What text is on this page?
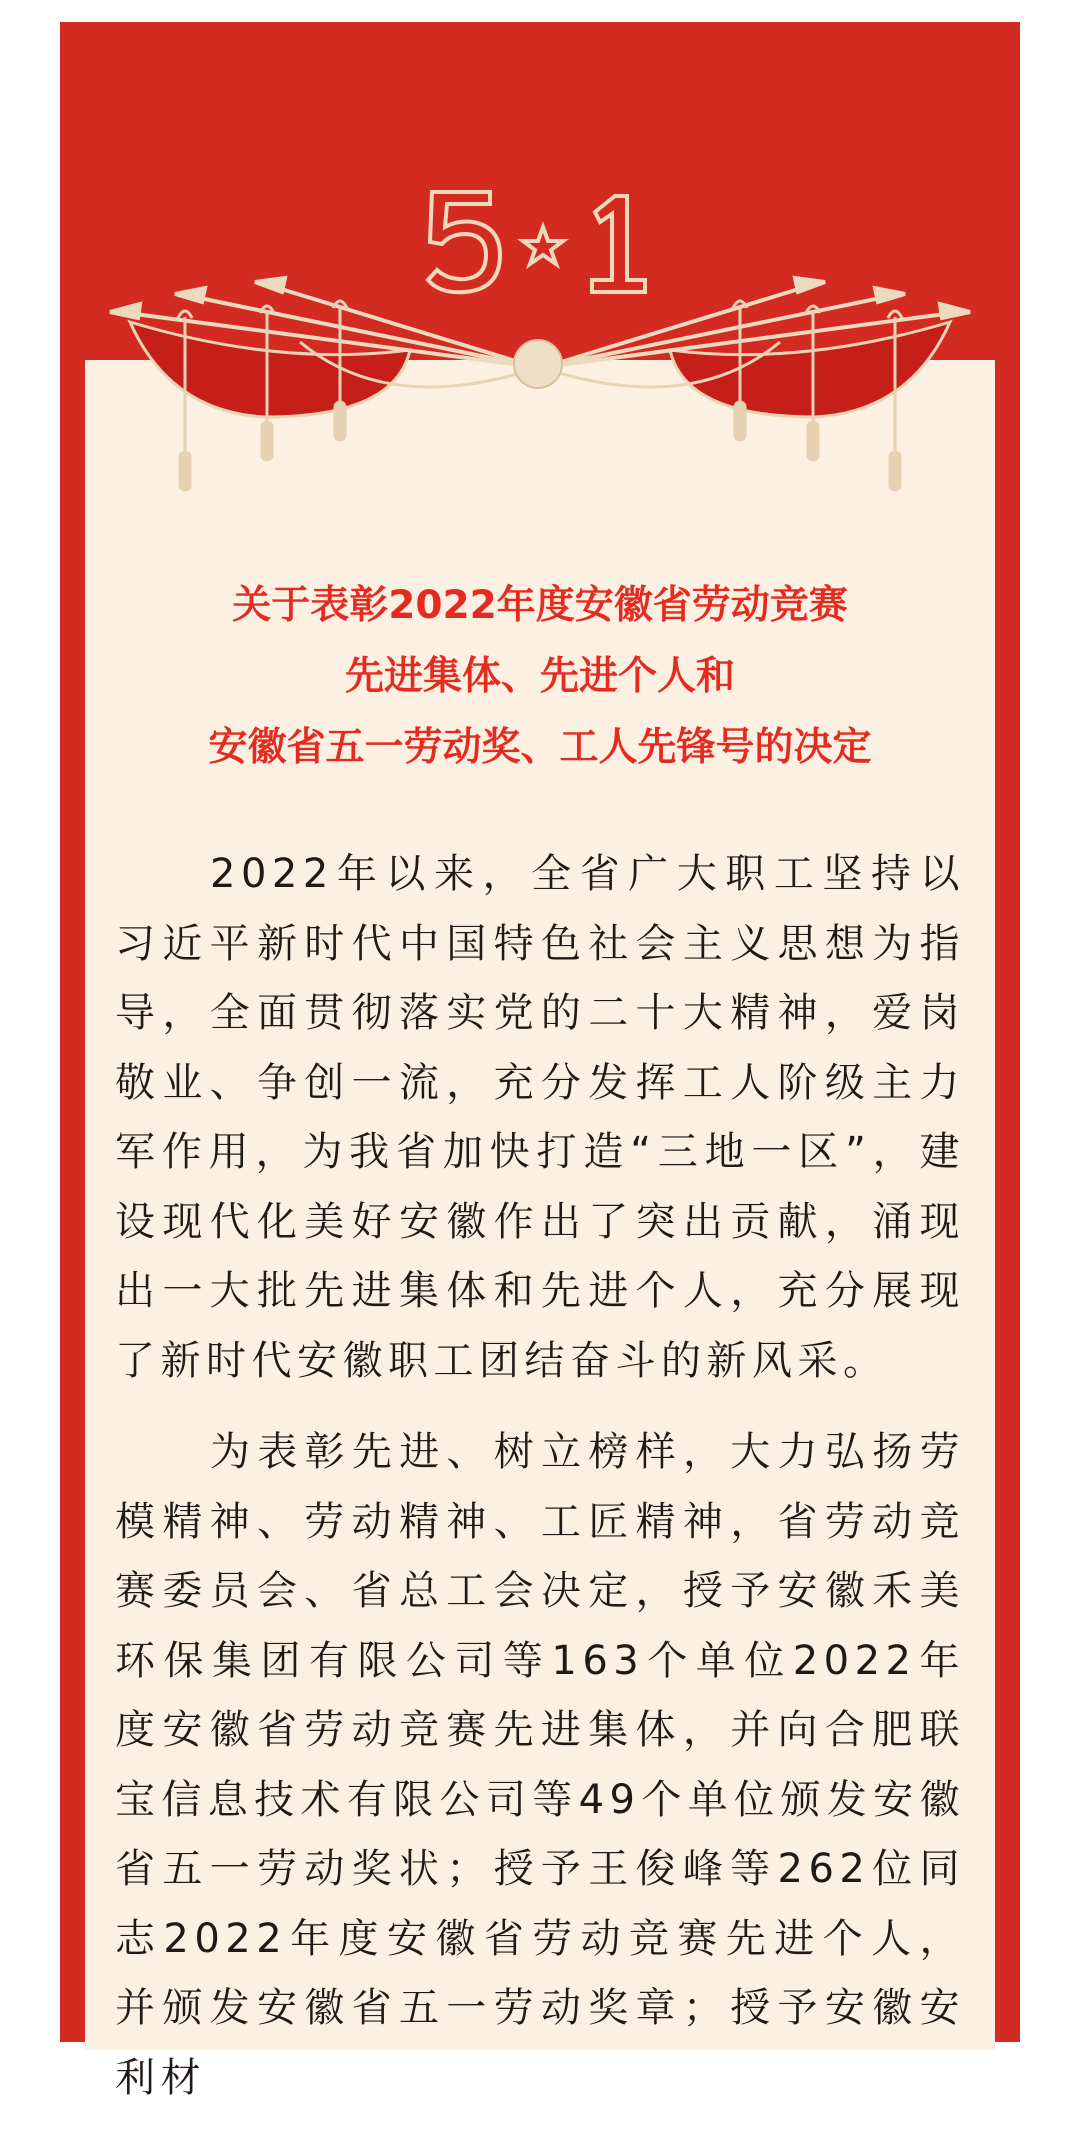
关于表彰2022年度安徽省劳动竞赛
先进集体、先进个人和
安徽省五一劳动奖、工人先锋号的决定

2022年以来，全省广大职工坚持以习近平新时代中国特色社会主义思想为指导，全面贯彻落实党的二十大精神，爱岗敬业、争创一流，充分发挥工人阶级主力军作用，为我省加快打造“三地一区”，建设现代化美好安徽作出了突出贡献，涌现出一大批先进集体和先进个人，充分展现了新时代安徽职工团结奋斗的新风采。

为表彰先进、树立榜样，大力弘扬劳模精神、劳动精神、工匠精神，省劳动竞赛委员会、省总工会决定，授予安徽禾美环保集团有限公司等163个单位2022年度安徽省劳动竞赛先进集体，并向合肥联宝信息技术有限公司等49个单位颁发安徽省五一劳动奖状；授予王俊峰等262位同志2022年度安徽省劳动竞赛先进个人，并颁发安徽省五一劳动奖章；授予安徽安利材
